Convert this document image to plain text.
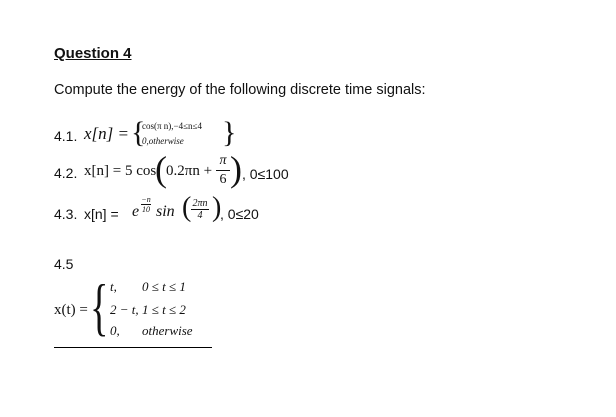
Question 4
Compute the energy of the following discrete time signals:
4.1. x[n] = {
cos(π n),−4≤n≤4
0,otherwise }
4.2. x[n] = 5 cos
( $0.2\pi n + \frac{\pi}{6}$ ) , 0≤100
4.3. x[n] = e $\frac{-n}{10}$ sin ( $\frac{2\pi n}{4}$ )
, 0≤20
4.5
x(t) = { t, 0 ≤ t ≤ 1
2 − t, 1 ≤ t ≤ 2
0, otherwise
